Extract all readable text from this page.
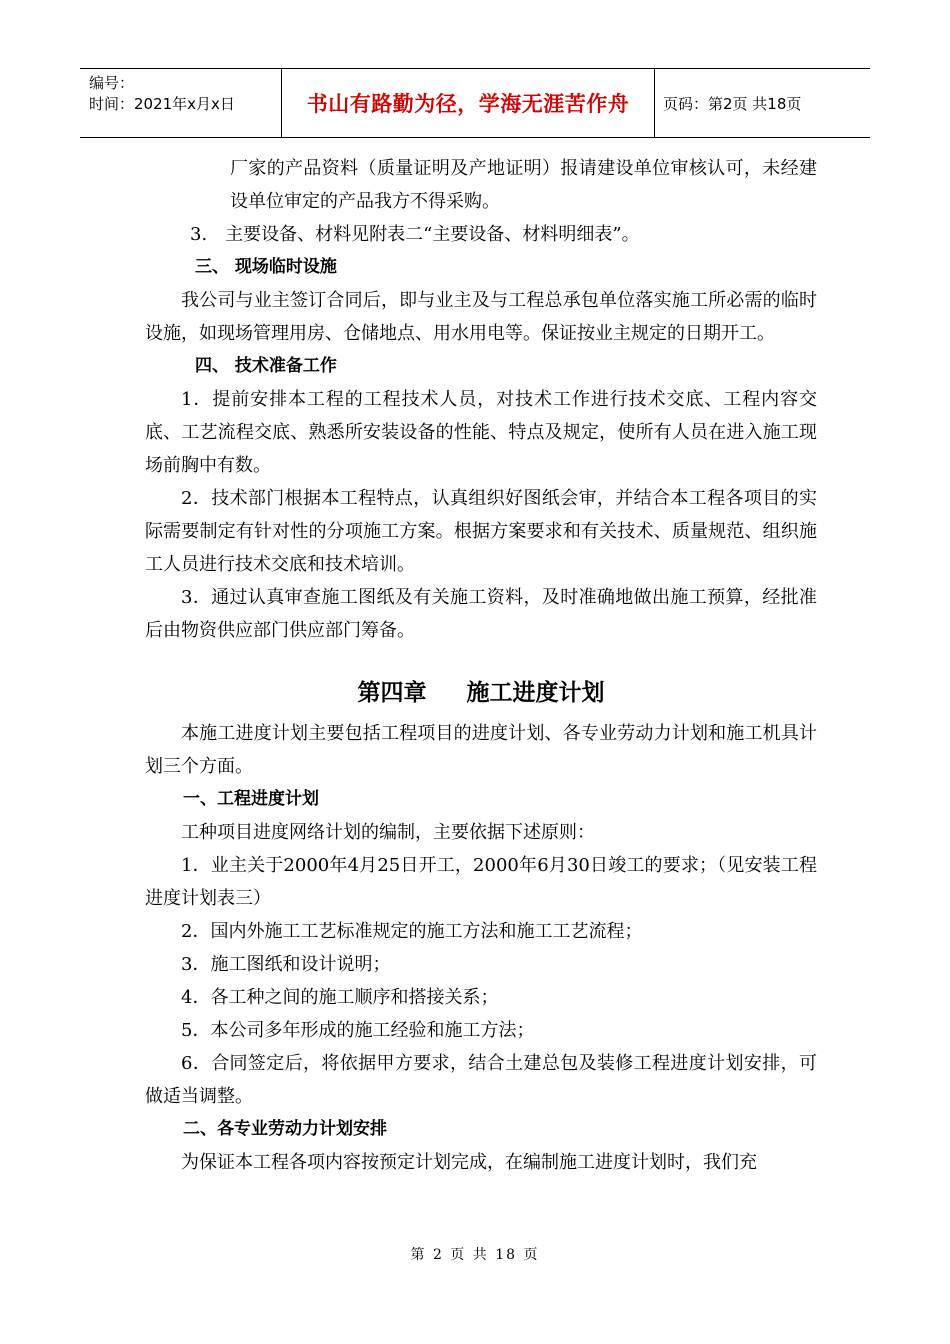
编号：
时间：2021年x月x日	书山有路勤为径，学海无涯苦作舟	页码：第2页 共18页

厂家的产品资料（质量证明及产地证明）报请建设单位审核认可，未经建设单位审定的产品我方不得采购。

3.　主要设备、材料见附表二“主要设备、材料明细表”。

三、 现场临时设施

我公司与业主签订合同后，即与业主及与工程总承包单位落实施工所必需的临时设施，如现场管理用房、仓储地点、用水用电等。保证按业主规定的日期开工。

四、 技术准备工作

1．提前安排本工程的工程技术人员，对技术工作进行技术交底、工程内容交底、工艺流程交底、熟悉所安装设备的性能、特点及规定，使所有人员在进入施工现场前胸中有数。

2．技术部门根据本工程特点，认真组织好图纸会审，并结合本工程各项目的实际需要制定有针对性的分项施工方案。根据方案要求和有关技术、质量规范、组织施工人员进行技术交底和技术培训。

3．通过认真审查施工图纸及有关施工资料，及时准确地做出施工预算，经批准后由物资供应部门供应部门筹备。

第四章 施工进度计划

本施工进度计划主要包括工程项目的进度计划、各专业劳动力计划和施工机具计划三个方面。

一、工程进度计划

工种项目进度网络计划的编制，主要依据下述原则：

1．业主关于2000年4月25日开工，2000年6月30日竣工的要求；（见安装工程进度计划表三）

2．国内外施工工艺标准规定的施工方法和施工工艺流程；

3．施工图纸和设计说明；

4．各工种之间的施工顺序和搭接关系；

5．本公司多年形成的施工经验和施工方法；

6．合同签定后，将依据甲方要求，结合土建总包及装修工程进度计划安排，可做适当调整。

二、各专业劳动力计划安排

为保证本工程各项内容按预定计划完成，在编制施工进度计划时，我们充

第 2 页 共 18 页
